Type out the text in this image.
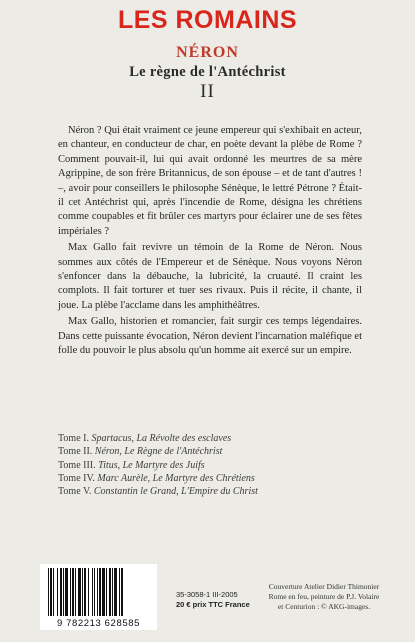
LES ROMAINS
NÉRON
Le règne de l'Antéchrist
II

Néron ? Qui était vraiment ce jeune empereur qui s'exhibait en acteur, en chanteur, en conducteur de char, en poète devant la plèbe de Rome ? Comment pouvait-il, lui qui avait ordonné les meurtres de sa mère Agrippine, de son frère Britannicus, de son épouse – et de tant d'autres ! –, avoir pour conseillers le philosophe Sénèque, le lettré Pétrone ? Était-il cet Antéchrist qui, après l'incendie de Rome, désigna les chrétiens comme coupables et fit brûler ces martyrs pour éclairer une de ses fêtes impériales ?

Max Gallo fait revivre un témoin de la Rome de Néron. Nous sommes aux côtés de l'Empereur et de Sénèque. Nous voyons Néron s'enfoncer dans la débauche, la lubricité, la cruauté. Il craint les complots. Il fait torturer et tuer ses rivaux. Puis il récite, il chante, il joue. La plèbe l'acclame dans les amphithéâtres.

Max Gallo, historien et romancier, fait surgir ces temps légendaires. Dans cette puissante évocation, Néron devient l'incarnation maléfique et folle du pouvoir le plus absolu qu'un homme ait exercé sur un empire.

Tome I. Spartacus, La Révolte des esclaves
Tome II. Néron, Le Règne de l'Antéchrist
Tome III. Titus, Le Martyre des Juifs
Tome IV. Marc Aurèle, Le Martyre des Chrétiens
Tome V. Constantin le Grand, L'Empire du Christ
9 782213 628585
35-3058-1 III-2005
20 € prix TTC France
Couverture Atelier Didier Thimonier
Rome en feu, peinture de P.J. Volaire
et Centurion : © AKG-images.
